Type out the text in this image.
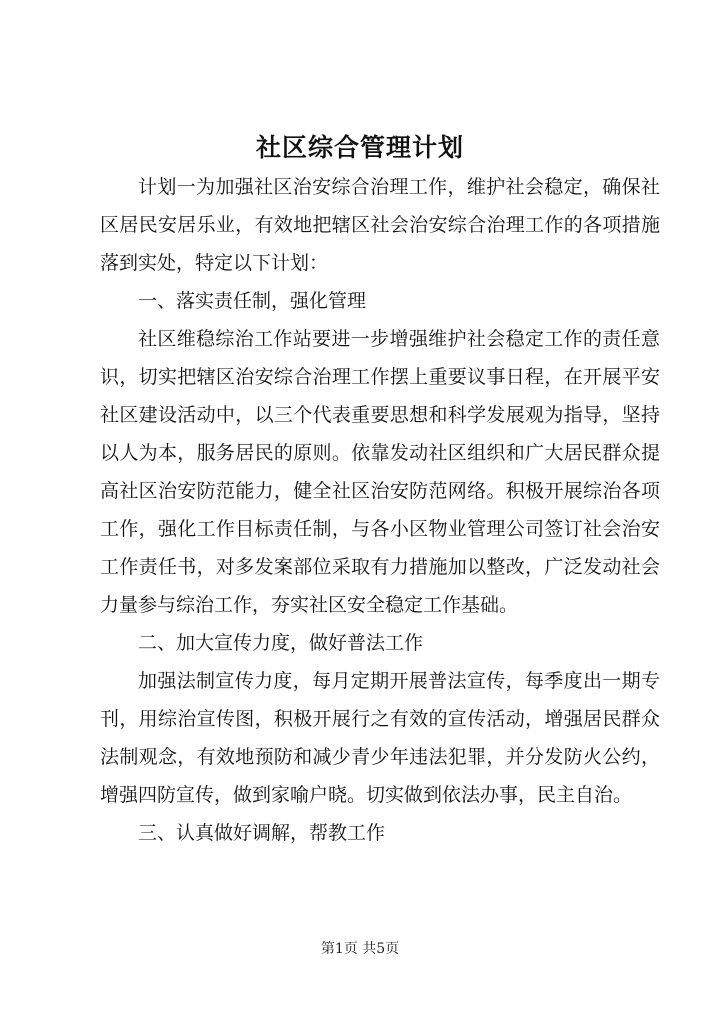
社区综合管理计划

计划一为加强社区治安综合治理工作，维护社会稳定，确保社区居民安居乐业，有效地把辖区社会治安综合治理工作的各项措施落到实处，特定以下计划：

一、落实责任制，强化管理

社区维稳综治工作站要进一步增强维护社会稳定工作的责任意识，切实把辖区治安综合治理工作摆上重要议事日程，在开展平安社区建设活动中，以三个代表重要思想和科学发展观为指导，坚持以人为本，服务居民的原则。依靠发动社区组织和广大居民群众提高社区治安防范能力，健全社区治安防范网络。积极开展综治各项工作，强化工作目标责任制，与各小区物业管理公司签订社会治安工作责任书，对多发案部位采取有力措施加以整改，广泛发动社会力量参与综治工作，夯实社区安全稳定工作基础。

二、加大宣传力度，做好普法工作

加强法制宣传力度，每月定期开展普法宣传，每季度出一期专刊，用综治宣传图，积极开展行之有效的宣传活动，增强居民群众法制观念，有效地预防和减少青少年违法犯罪，并分发防火公约，增强四防宣传，做到家喻户晓。切实做到依法办事，民主自治。

三、认真做好调解，帮教工作

第1页 共5页
